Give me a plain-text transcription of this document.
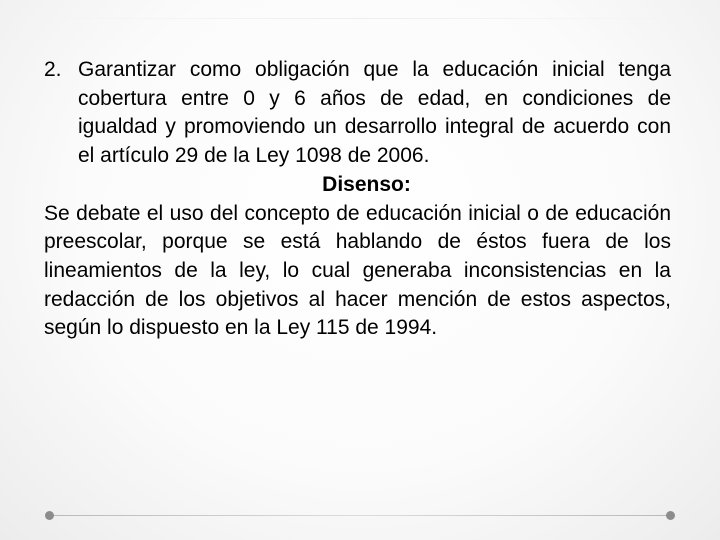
2. Garantizar como obligación que la educación inicial tenga cobertura entre 0 y 6 años de edad, en condiciones de igualdad y promoviendo un desarrollo integral de acuerdo con el artículo 29 de la Ley 1098 de 2006.

Disenso:

Se debate el uso del concepto de educación inicial o de educación preescolar, porque se está hablando de éstos fuera de los lineamientos de la ley, lo cual generaba inconsistencias en la redacción de los objetivos al hacer mención de estos aspectos, según lo dispuesto en la Ley 115 de 1994.
